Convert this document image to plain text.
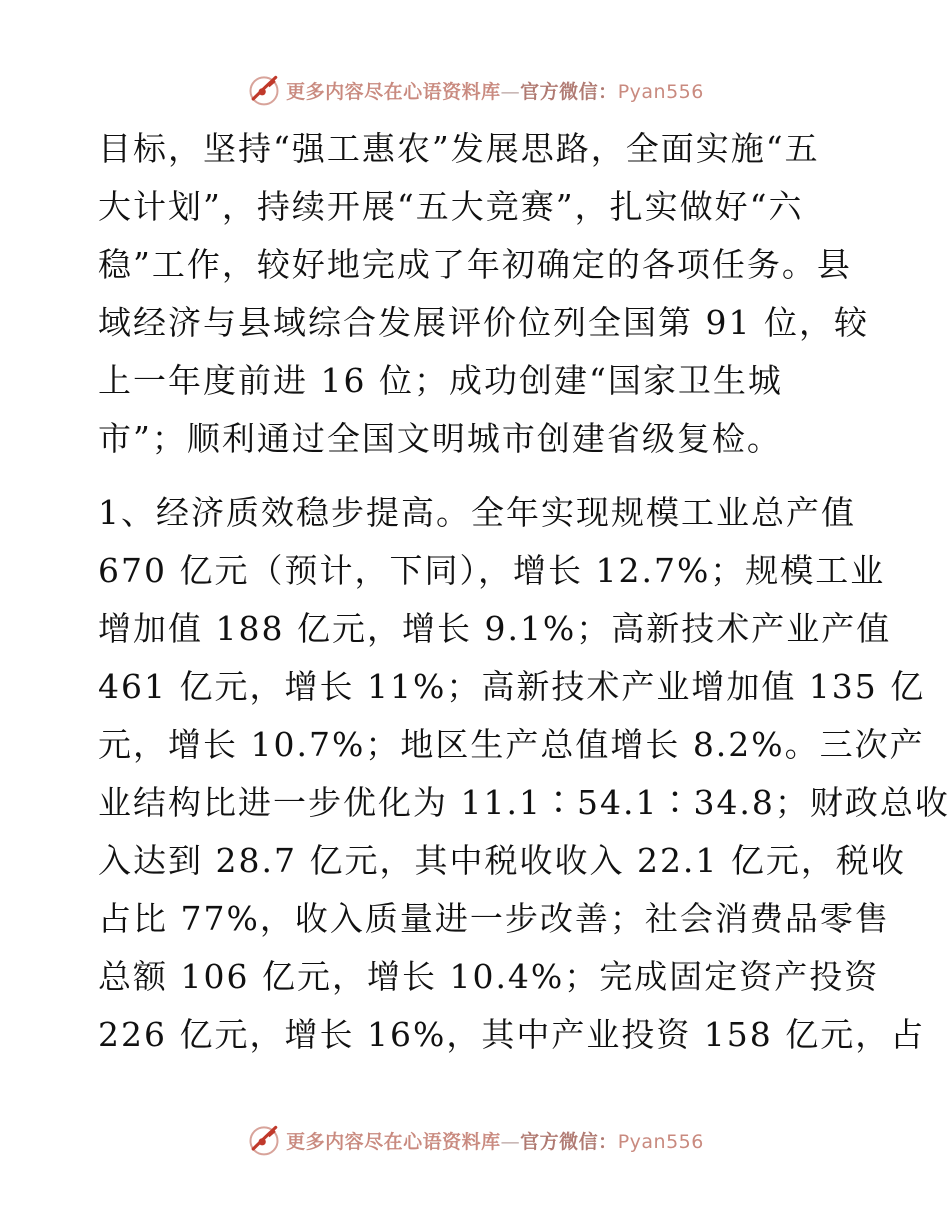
更多内容尽在心语资料库 — 官方微信： Pyan556
目标，坚持“强工惠农”发展思路，全面实施“五
大计划”，持续开展“五大竞赛”，扎实做好“六
稳”工作，较好地完成了年初确定的各项任务。县
域经济与县域综合发展评价位列全国第 91 位，较
上一年度前进 16 位；成功创建“国家卫生城
市”；顺利通过全国文明城市创建省级复检。
1、经济质效稳步提高。全年实现规模工业总产值
670 亿元（预计，下同），增长 12.7%；规模工业
增加值 188 亿元，增长 9.1%；高新技术产业产值
461 亿元，增长 11%；高新技术产业增加值 135 亿
元，增长 10.7%；地区生产总值增长 8.2%。三次产
业结构比进一步优化为 11.1∶54.1∶34.8；财政总收
入达到 28.7 亿元，其中税收收入 22.1 亿元，税收
占比 77%，收入质量进一步改善；社会消费品零售
总额 106 亿元，增长 10.4%；完成固定资产投资
226 亿元，增长 16%，其中产业投资 158 亿元，占
更多内容尽在心语资料库 — 官方微信： Pyan556
